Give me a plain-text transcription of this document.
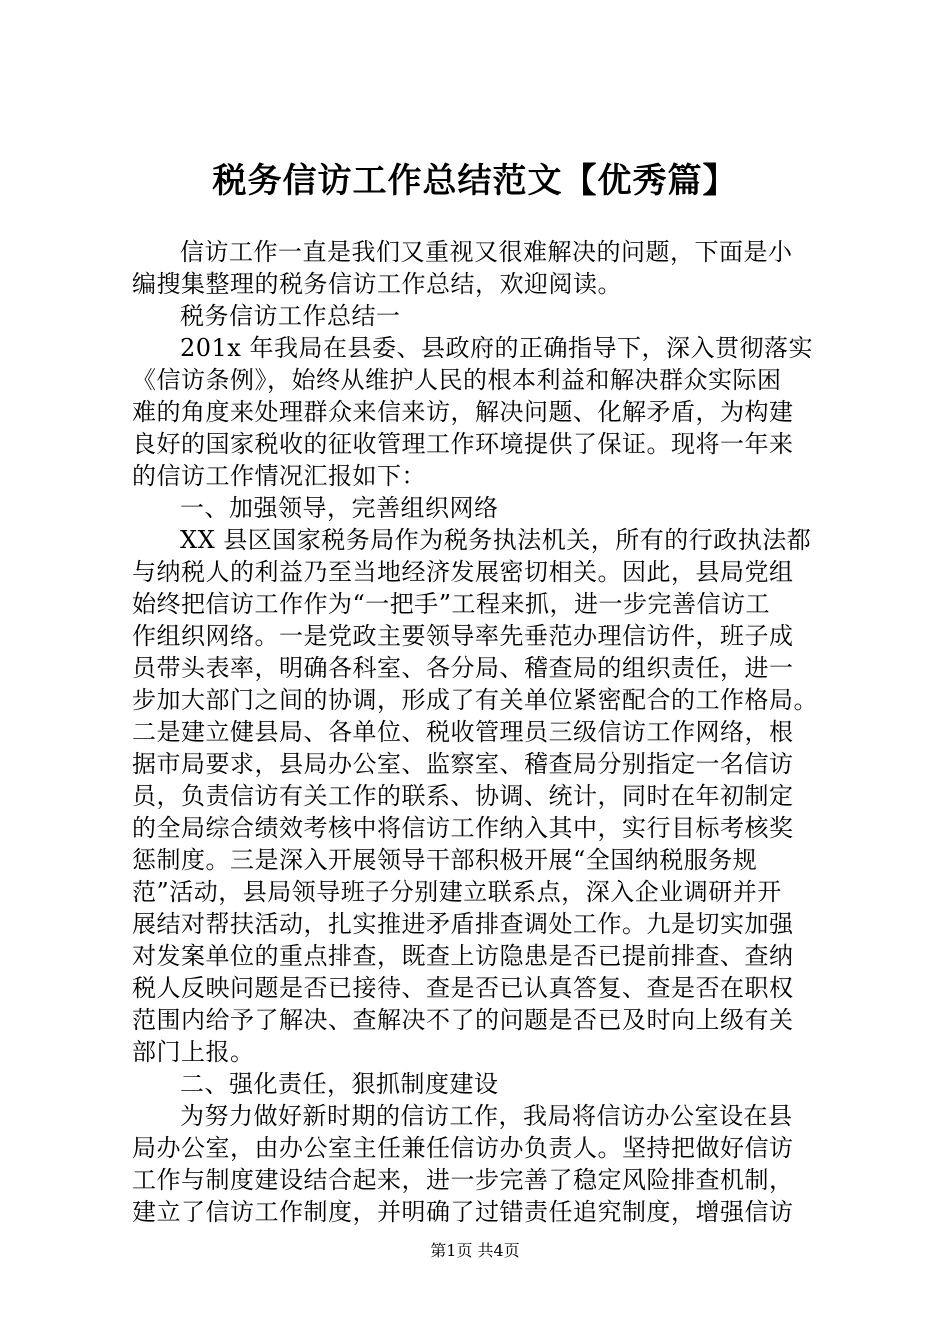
税务信访工作总结范文【优秀篇】
信访工作一直是我们又重视又很难解决的问题，下面是小
编搜集整理的税务信访工作总结，欢迎阅读。
税务信访工作总结一
201x 年我局在县委、县政府的正确指导下，深入贯彻落实
《信访条例》，始终从维护人民的根本利益和解决群众实际困
难的角度来处理群众来信来访，解决问题、化解矛盾，为构建
良好的国家税收的征收管理工作环境提供了保证。现将一年来
的信访工作情况汇报如下：
一、加强领导，完善组织网络
XX 县区国家税务局作为税务执法机关，所有的行政执法都
与纳税人的利益乃至当地经济发展密切相关。因此，县局党组
始终把信访工作作为“一把手”工程来抓，进一步完善信访工
作组织网络。一是党政主要领导率先垂范办理信访件，班子成
员带头表率，明确各科室、各分局、稽查局的组织责任，进一
步加大部门之间的协调，形成了有关单位紧密配合的工作格局。
二是建立健县局、各单位、税收管理员三级信访工作网络，根
据市局要求，县局办公室、监察室、稽查局分别指定一名信访
员，负责信访有关工作的联系、协调、统计，同时在年初制定
的全局综合绩效考核中将信访工作纳入其中，实行目标考核奖
惩制度。三是深入开展领导干部积极开展“全国纳税服务规
范”活动，县局领导班子分别建立联系点，深入企业调研并开
展结对帮扶活动，扎实推进矛盾排查调处工作。九是切实加强
对发案单位的重点排查，既查上访隐患是否已提前排查、查纳
税人反映问题是否已接待、查是否已认真答复、查是否在职权
范围内给予了解决、查解决不了的问题是否已及时向上级有关
部门上报。
二、强化责任，狠抓制度建设
为努力做好新时期的信访工作，我局将信访办公室设在县
局办公室，由办公室主任兼任信访办负责人。坚持把做好信访
工作与制度建设结合起来，进一步完善了稳定风险排查机制，
建立了信访工作制度，并明确了过错责任追究制度，增强信访
第1页 共4页
